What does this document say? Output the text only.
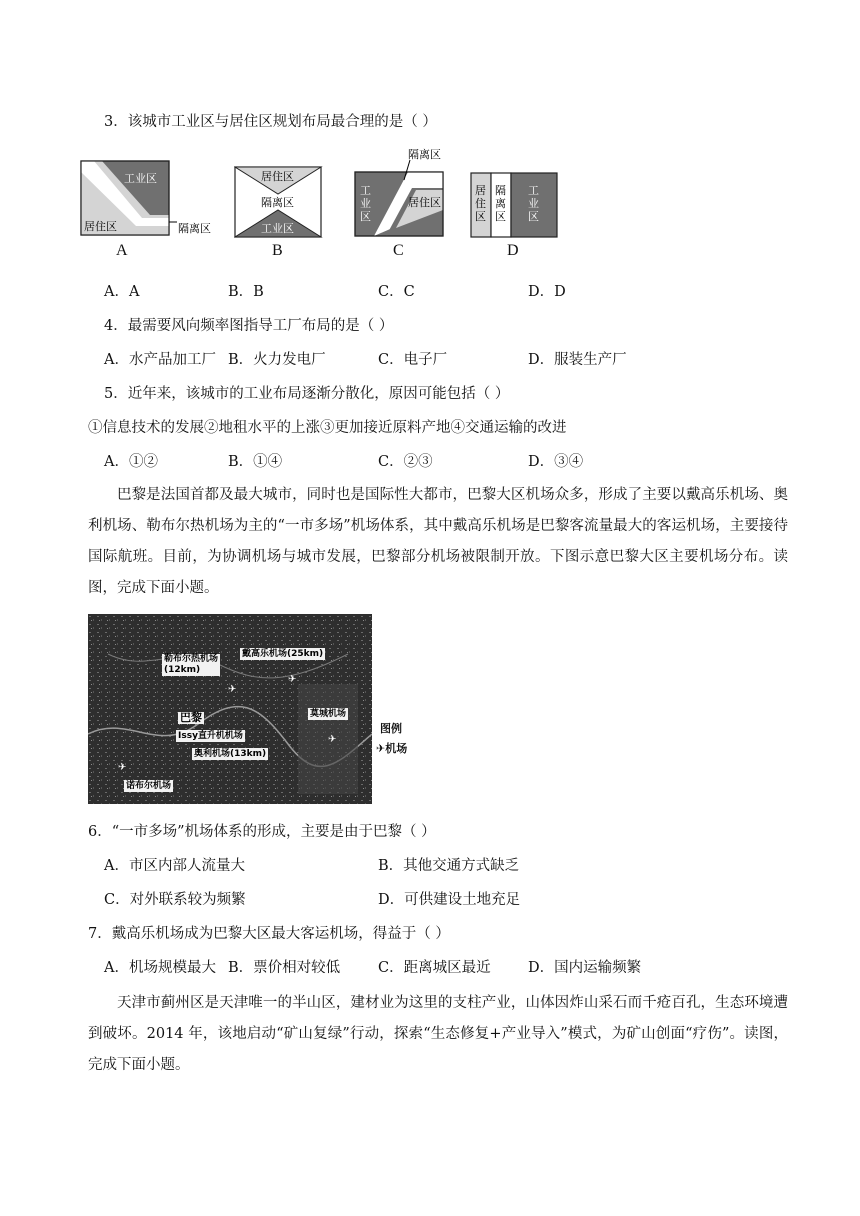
3．该城市工业区与居住区规划布局最合理的是（ ）
工业区
居住区	隔离区
A
居住区
隔离区
工业区
B
隔离区
工业区
居住区
C
居住区
隔离区
工业区
D
A．A	B．B	C．C	D．D
4．最需要风向频率图指导工厂布局的是（ ）
A．水产品加工厂 B．火力发电厂	C．电子厂	D．服装生产厂
5．近年来，该城市的工业布局逐渐分散化，原因可能包括（ ）
①信息技术的发展②地租水平的上涨③更加接近原料产地④交通运输的改进
A．①②	B．①④	C．②③	D．③④
巴黎是法国首都及最大城市，同时也是国际性大都市，巴黎大区机场众多，形成了主要以戴高乐机场、奥利机场、勒布尔热机场为主的“一市多场”机场体系，其中戴高乐机场是巴黎客流量最大的客运机场，主要接待国际航班。目前，为协调机场与城市发展，巴黎部分机场被限制开放。下图示意巴黎大区主要机场分布。读图，完成下面小题。
勒布尔热机场
(12km)
戴高乐机场(25km)
巴黎
Issy直升机机场
奥利机场(13km)
莫城机场
诺布尔机场
✈
✈
✈
✈
图例
✈机场
6．“一市多场”机场体系的形成，主要是由于巴黎（ ）
A．市区内部人流量大	B．其他交通方式缺乏
C．对外联系较为频繁	D．可供建设土地充足
7．戴高乐机场成为巴黎大区最大客运机场，得益于（ ）
A．机场规模最大 B．票价相对较低	C．距离城区最近	D．国内运输频繁
天津市蓟州区是天津唯一的半山区，建材业为这里的支柱产业，山体因炸山采石而千疮百孔，生态环境遭到破坏。2014 年，该地启动“矿山复绿”行动，探索“生态修复+产业导入”模式，为矿山创面“疗伤”。读图，完成下面小题。
